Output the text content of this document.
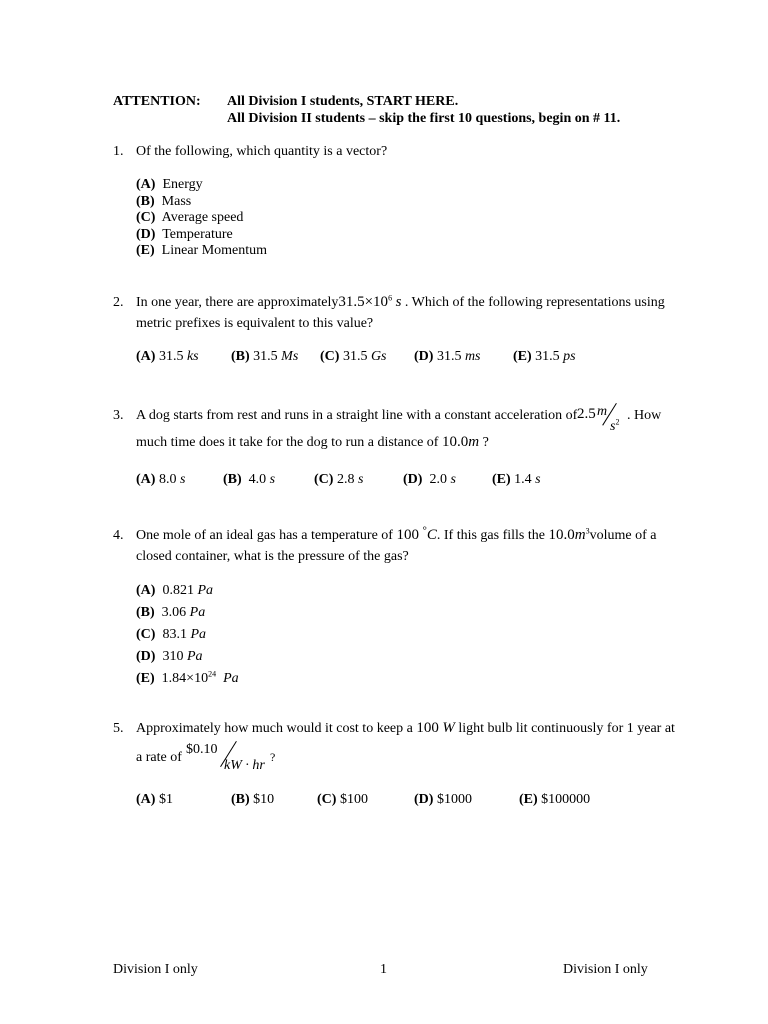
ATTENTION: All Division I students, START HERE.
All Division II students – skip the first 10 questions, begin on # 11.
1. Of the following, which quantity is a vector?
(A) Energy
(B) Mass
(C) Average speed
(D) Temperature
(E) Linear Momentum
2. In one year, there are $approximately31.5\times 10^6$ s . Which of the following representations using
metric prefixes is equivalent to this value?
(A) 31.5 ks (B) 31.5 Ms (C) 31.5 Gs (D) 31.5 ms (E) 31.5 ps
3. A dog starts from rest and runs in a straight line with a constant acceleration of 2.5 m
$s^2$ . How
much time does it take for the dog to run a distance of 10.0m ?
(A) 8.0 s	(B) 4.0 s	(C) 2.8 s	(D) 2.0 s	(E) 1.4 s
4. One mole of an ideal gas has a temperature of 100 °C. If this gas fills the $10.0m^3volume$ of a
closed container, what is the pressure of the gas?
(A) 0.821 Pa
(B) 3.06 Pa
(C) 83.1 Pa
(D) 310 Pa
(E) $1.84\times 10^{24}$ Pa
5. Approximately how much would it cost to keep a 100 W light bulb lit continuously for 1 year at
a rate of
$0.10
kW · hr
?
(A) $1	(B) $10	(C) $100	(D) $1000	(E) $100000
Division I only	1	Division I only
